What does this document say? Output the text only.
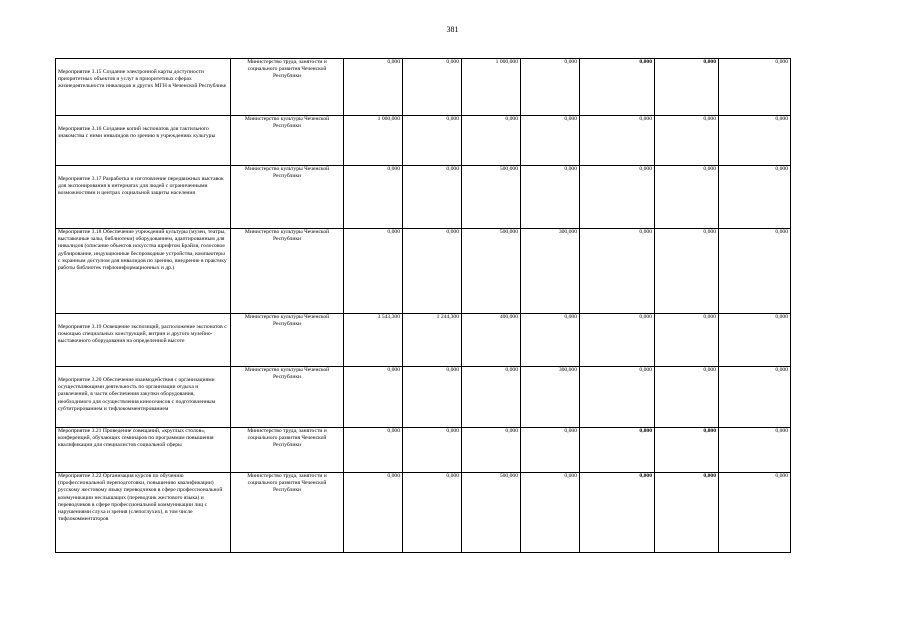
381
Мероприятие 3.15 Создание электронной карты доступности приоритетных объектов и услуг в приоритетных сферах жизнедеятельности инвалидов и других МГН в Чеченской Республике	Министерство труда, занятости и социального развития Чеченской Республики	0,000	0,000	1 000,000	0,000	0,000	0,000	0,000
Мероприятие 3.16 Создание копий экспонатов для тактильного знакомства с ними инвалидов по зрению в учреждениях культуры	Министерство культуры Чеченской Республики	1 000,000	0,000	0,000	0,000	0,000	0,000	0,000
Мероприятие 3.17 Разработка и изготовление передвижных выставок для экспонирования в интернатах для людей с ограниченными возможностями и центрах социальной защиты населения	Министерство культуры Чеченской Республики	0,000	0,000	500,000	0,000	0,000	0,000	0,000
Мероприятие 3.18 Обеспечение учреждений культуры (музеи, театры, выставочные залы, библиотеки) оборудованием, адаптированным для инвалидов (описание объектов искусства шрифтом Брайля, голосовое дублирование, индукционные беспроводные устройства, компьютеры с экранным доступом для инвалидов по зрению, внедрение в практику работы библиотек тифлоинформационных и др.)	Министерство культуры Чеченской Республики	0,000	0,000	500,000	300,000	0,000	0,000	0,000
Мероприятие 3.19 Освещение экспозиций, расположение экспонатов с помощью специальных конструкций, витрин и другого музейно-выставочного оборудования на определенной высоте	Министерство культуры Чеченской Республики	3 543,300	1 244,300	400,000	0,000	0,000	0,000	0,000
Мероприятие 3.20 Обеспечение взаимодействия с организациями осуществляющими деятельность по организации отдыха и развлечений, в части обеспечения закупки оборудования, необходимого для осуществления киносеансов с подготовленным субтитрированием и тифлокомментированием	Министерство культуры Чеченской Республики	0,000	0,000	0,000	300,000	0,000	0,000	0,000
Мероприятие 3.21 Проведение совещаний, «круглых столов», конференций, обучающих семинаров по программам повышения квалификации для специалистов социальной сферы	Министерство труда, занятости и социального развития Чеченской Республики	0,000	0,000	0,000	0,000	0,000	0,000	0,000
Мероприятие 3.22 Организация курсов по обучению (профессиональной переподготовки, повышению квалификации) русскому жестовому языку переводчиков в сфере профессиональной коммуникации неслышащих (переводчик жестового языка) и переводчиков в сфере профессиональной коммуникации лиц с нарушениями слуха и зрения (слепоглухих), в том числе тифлокомментаторов	Министерство труда, занятости и социального развития Чеченской Республики	0,000	0,000	500,000	0,000	0,000	0,000	0,000
